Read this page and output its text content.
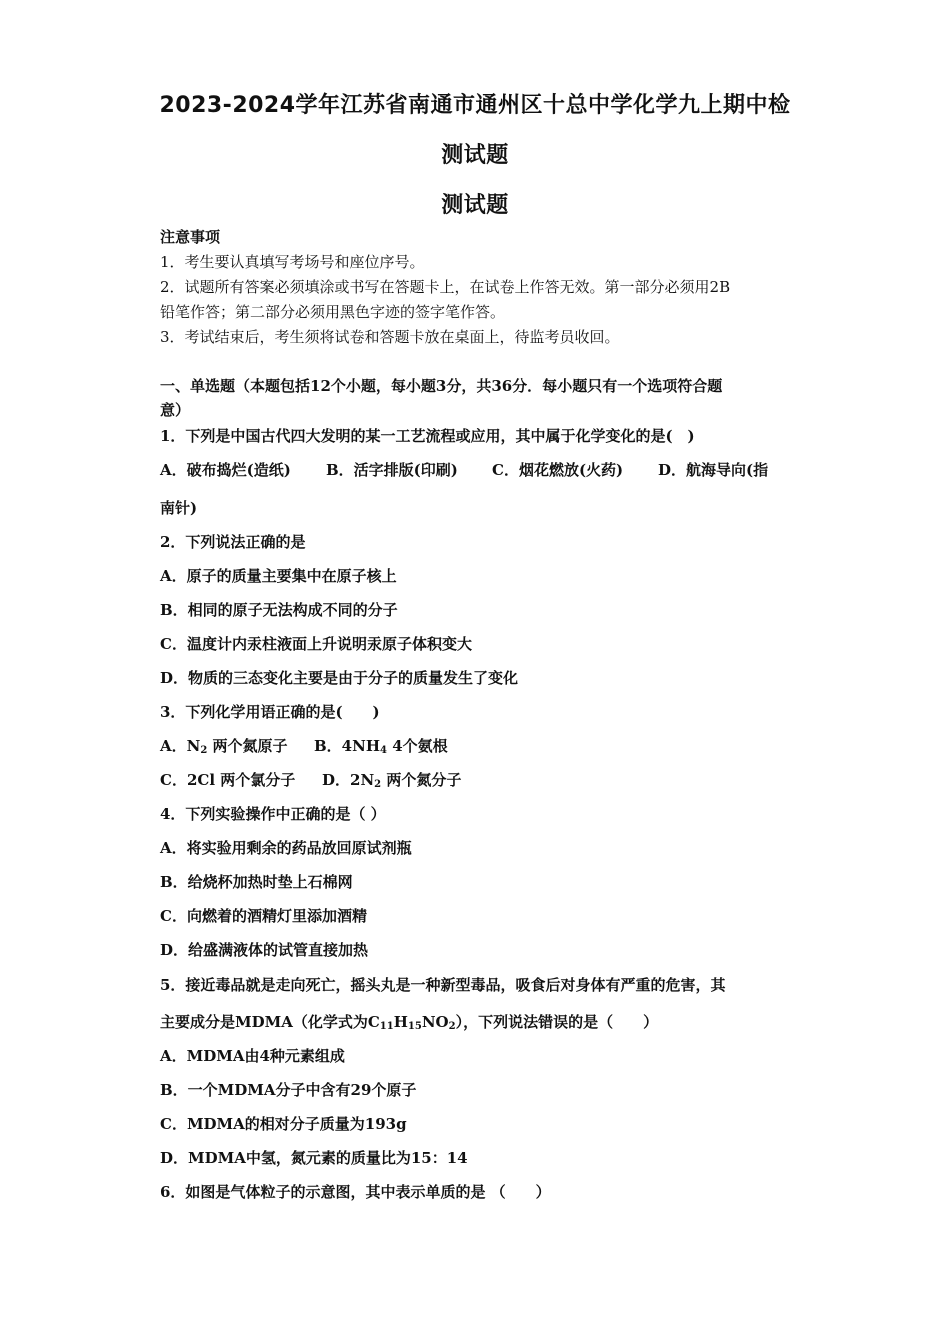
2023-2024学年江苏省南通市通州区十总中学化学九上期中检
测试题
测试题
注意事项
1．考生要认真填写考场号和座位序号。
2．试题所有答案必须填涂或书写在答题卡上，在试卷上作答无效。第一部分必须用2B
铅笔作答；第二部分必须用黑色字迹的签字笔作答。
3．考试结束后，考生须将试卷和答题卡放在桌面上，待监考员收回。
一、单选题（本题包括12个小题，每小题3分，共36分．每小题只有一个选项符合题
意）
1．下列是中国古代四大发明的某一工艺流程或应用，其中属于化学变化的是(　)
A．破布捣烂(造纸) B．活字排版(印刷) C．烟花燃放(火药) D．航海导向(指
南针)
2．下列说法正确的是
A．原子的质量主要集中在原子核上
B．相同的原子无法构成不同的分子
C．温度计内汞柱液面上升说明汞原子体积变大
D．物质的三态变化主要是由于分子的质量发生了变化
3．下列化学用语正确的是(　　)
A．$N_2$ 两个氮原子 B．$4NH_4$ 4个氨根
C．2Cl 两个氯分子 D．$2N_2$ 两个氮分子
4．下列实验操作中正确的是（ ）
A．将实验用剩余的药品放回原试剂瓶
B．给烧杯加热时垫上石棉网
C．向燃着的酒精灯里添加酒精
D．给盛满液体的试管直接加热
5．接近毒品就是走向死亡，摇头丸是一种新型毒品，吸食后对身体有严重的危害，其
主要成分是MDMA（化学式为$C_{11}H_{15}NO_2$），下列说法错误的是（　　）
A．MDMA由4种元素组成
B．一个MDMA分子中含有29个原子
C．MDMA的相对分子质量为193g
D．MDMA中氢，氮元素的质量比为15：14
6．如图是气体粒子的示意图，其中表示单质的是 （　　）
